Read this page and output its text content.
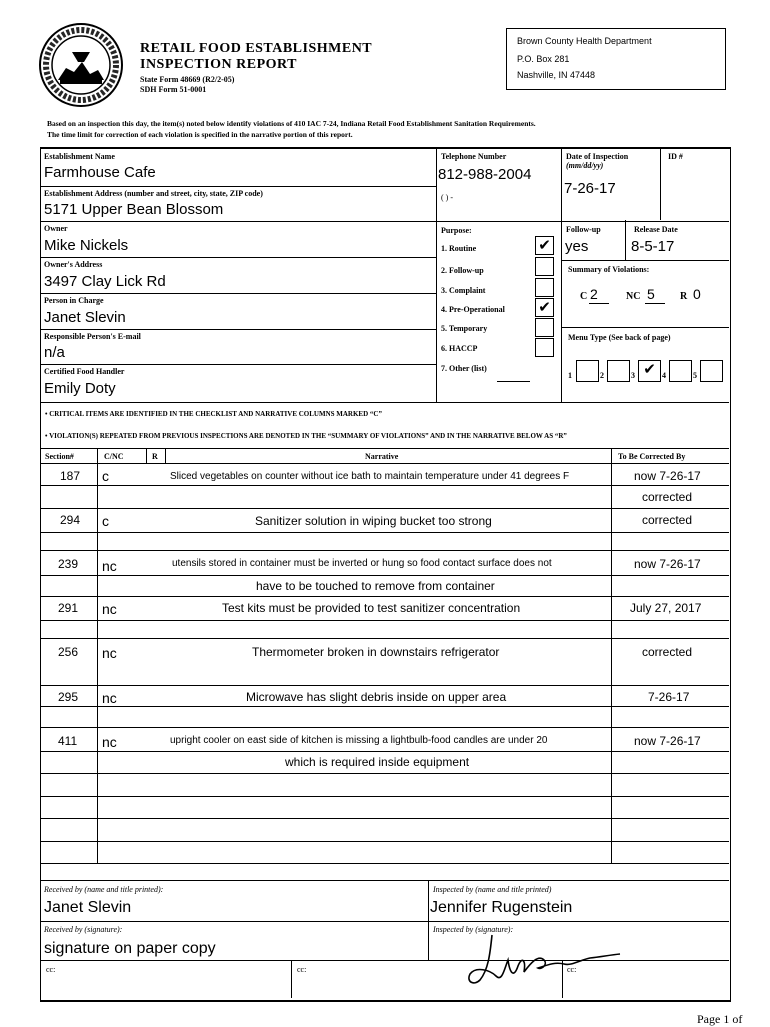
RETAIL FOOD ESTABLISHMENT
INSPECTION REPORT
State Form 48669 (R2/2-05)
SDH Form 51-0001
Brown County Health Department
P.O. Box 281
Nashville, IN 47448
Based on an inspection this day, the item(s) noted below identify violations of 410 IAC 7-24, Indiana Retail Food Establishment Sanitation Requirements.
The time limit for correction of each violation is specified in the narrative portion of this report.
Establishment Name
Farmhouse Cafe
Establishment Address (number and street, city, state, ZIP code)
5171 Upper Bean Blossom
Owner
Mike Nickels
Owner's Address
3497 Clay Lick Rd
Person in Charge
Janet Slevin
Responsible Person's E-mail
n/a
Certified Food Handler
Emily Doty
Telephone Number
812-988-2004
( ) -
Purpose:
1. Routine	✔
2. Follow-up
3. Complaint
4. Pre-Operational ✔
5. Temporary
6. HACCP
7. Other (list)
Date of Inspection
(mm/dd/yy)
7-26-17
ID #
Follow-up
yes
Release Date
8-5-17
Summary of Violations:
C 2	NC 5	R 0
Menu Type (See back of page)
1	2	3 ✔ 4	5
• CRITICAL ITEMS ARE IDENTIFIED IN THE CHECKLIST AND NARRATIVE COLUMNS MARKED “C”
• VIOLATION(S) REPEATED FROM PREVIOUS INSPECTIONS ARE DENOTED IN THE “SUMMARY OF VIOLATIONS” AND IN THE NARRATIVE BELOW AS “R”
Section#	C/NC	R	Narrative	To Be Corrected By
187 c	Sliced vegetables on counter without ice bath to maintain temperature under 41 degrees F	now 7-26-17
corrected
294 c	Sanitizer solution in wiping bucket too strong	corrected
239 nc	utensils stored in container must be inverted or hung so food contact surface does not	now 7-26-17
have to be touched to remove from container
291 nc	Test kits must be provided to test sanitizer concentration	July 27, 2017
256 nc	Thermometer broken in downstairs refrigerator	corrected
295 nc	Microwave has slight debris inside on upper area	7-26-17
411 nc	upright cooler on east side of kitchen is missing a lightbulb-food candles are under 20	now 7-26-17
which is required inside equipment
Received by (name and title printed):
Janet Slevin
Inspected by (name and title printed)
Jennifer Rugenstein
Received by (signature):
signature on paper copy
Inspected by (signature):
cc:	cc:	cc:
Page 1 of
